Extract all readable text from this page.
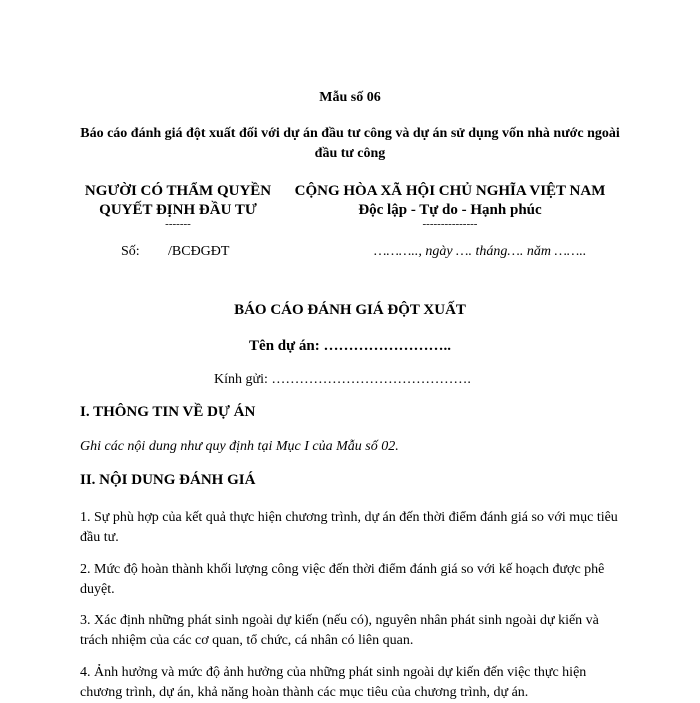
Mẫu số 06
Báo cáo đánh giá đột xuất đối với dự án đầu tư công và dự án sử dụng vốn nhà nước ngoài đầu tư công
NGƯỜI CÓ THẨM QUYỀN
QUYẾT ĐỊNH ĐẦU TƯ
-------
CỘNG HÒA XÃ HỘI CHỦ NGHĨA VIỆT NAM
Độc lập - Tự do - Hạnh phúc
---------------
Số: /BCĐGĐT	……….., ngày …. tháng…. năm ……..
BÁO CÁO ĐÁNH GIÁ ĐỘT XUẤT
Tên dự án: ……………………..
Kính gửi: …………………………………….
I. THÔNG TIN VỀ DỰ ÁN
Ghi các nội dung như quy định tại Mục I của Mẫu số 02.
II. NỘI DUNG ĐÁNH GIÁ
1. Sự phù hợp của kết quả thực hiện chương trình, dự án đến thời điểm đánh giá so với mục tiêu đầu tư.
2. Mức độ hoàn thành khối lượng công việc đến thời điểm đánh giá so với kế hoạch được phê duyệt.
3. Xác định những phát sinh ngoài dự kiến (nếu có), nguyên nhân phát sinh ngoài dự kiến và trách nhiệm của các cơ quan, tổ chức, cá nhân có liên quan.
4. Ảnh hưởng và mức độ ảnh hưởng của những phát sinh ngoài dự kiến đến việc thực hiện chương trình, dự án, khả năng hoàn thành các mục tiêu của chương trình, dự án.
